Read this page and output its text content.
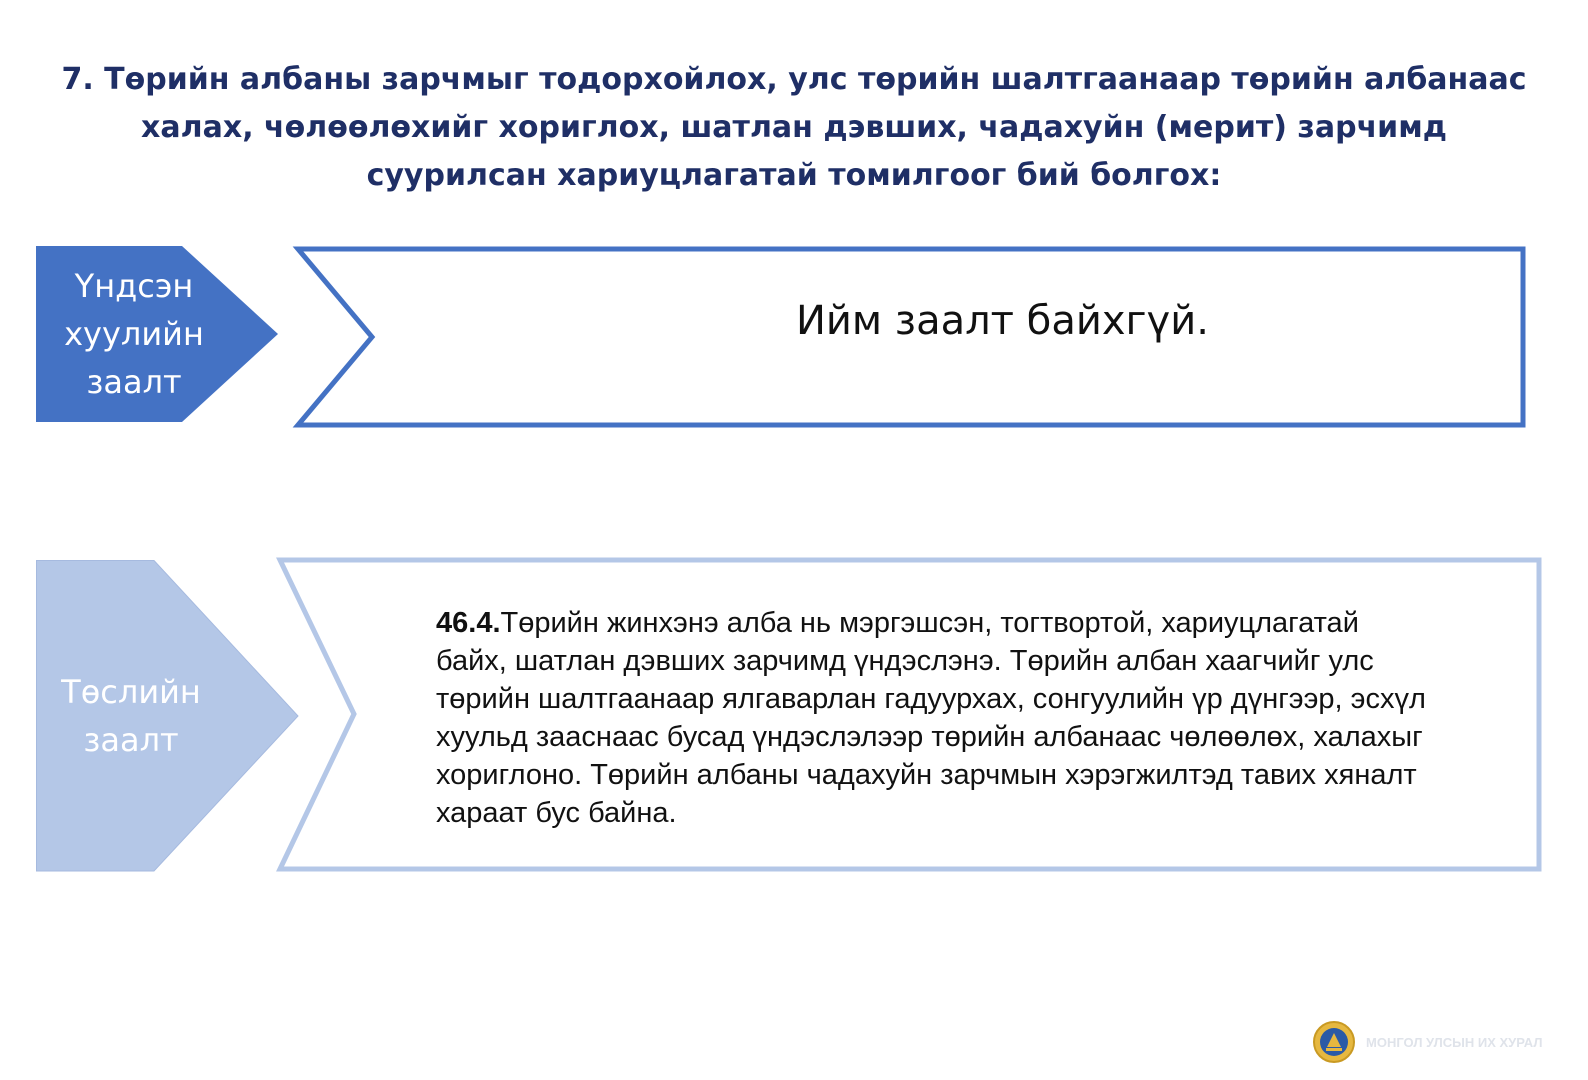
7. Төрийн албаны зарчмыг тодорхойлох, улс төрийн шалтгаанаар төрийн албанаас
халах, чөлөөлөхийг хориглох, шатлан дэвших, чадахуйн (мерит) зарчимд
суурилсан хариуцлагатай томилгоог бий болгох:
Үндсэн
хуулийн
заалт
Ийм заалт байхгүй.
Төслийн
заалт
46.4.Төрийн жинхэнэ алба нь мэргэшсэн, тогтвортой, хариуцлагатай
байх, шатлан дэвших зарчимд үндэслэнэ. Төрийн албан хаагчийг улс
төрийн шалтгаанаар ялгаварлан гадуурхах, сонгуулийн үр дүнгээр, эсхүл
хуульд зааснаас бусад үндэслэлээр төрийн албанаас чөлөөлөх, халахыг
хориглоно. Төрийн албаны чадахуйн зарчмын хэрэгжилтэд тавих хяналт
хараат бус байна.
МОНГОЛ УЛСЫН ИХ ХУРАЛ
